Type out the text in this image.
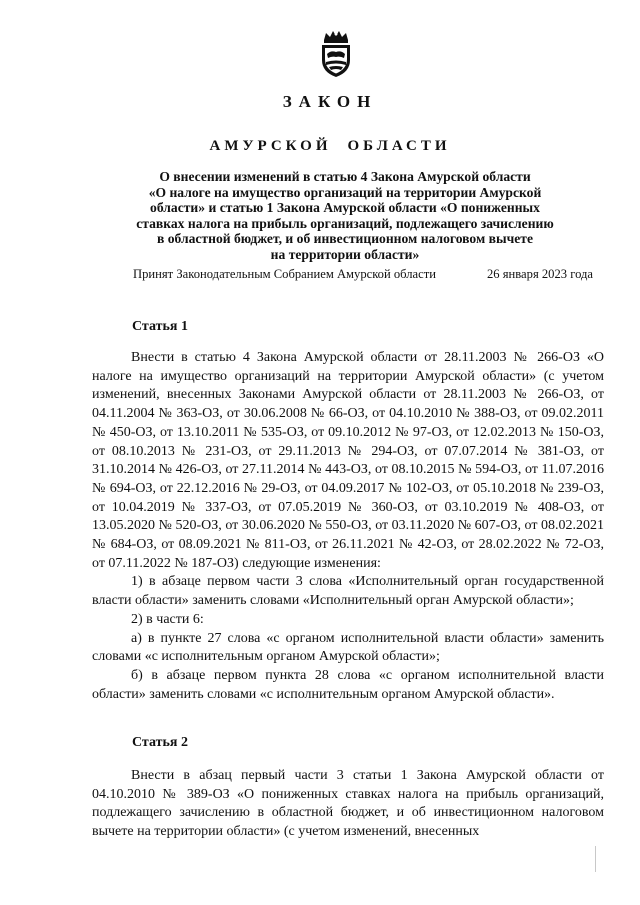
ЗАКОН
АМУРСКОЙ ОБЛАСТИ
О внесении изменений в статью 4 Закона Амурской области
«О налоге на имущество организаций на территории Амурской
области» и статью 1 Закона Амурской области «О пониженных
ставках налога на прибыль организаций, подлежащего зачислению
в областной бюджет, и об инвестиционном налоговом вычете
на территории области»
Принят Законодательным Собранием Амурской области	26 января 2023 года
Статья 1

Внести в статью 4 Закона Амурской области от 28.11.2003 № 266-ОЗ «О налоге на имущество организаций на территории Амурской области» (с учетом изменений, внесенных Законами Амурской области от 28.11.2003 № 266-ОЗ, от 04.11.2004 № 363-ОЗ, от 30.06.2008 № 66-ОЗ, от 04.10.2010 № 388-ОЗ, от 09.02.2011 № 450-ОЗ, от 13.10.2011 № 535-ОЗ, от 09.10.2012 № 97-ОЗ, от 12.02.2013 № 150-ОЗ, от 08.10.2013 № 231-ОЗ, от 29.11.2013 № 294-ОЗ, от 07.07.2014 № 381-ОЗ, от 31.10.2014 № 426-ОЗ, от 27.11.2014 № 443-ОЗ, от 08.10.2015 № 594-ОЗ, от 11.07.2016 № 694-ОЗ, от 22.12.2016 № 29-ОЗ, от 04.09.2017 № 102-ОЗ, от 05.10.2018 № 239-ОЗ, от 10.04.2019 № 337-ОЗ, от 07.05.2019 № 360-ОЗ, от 03.10.2019 № 408-ОЗ, от 13.05.2020 № 520-ОЗ, от 30.06.2020 № 550-ОЗ, от 03.11.2020 № 607-ОЗ, от 08.02.2021 № 684-ОЗ, от 08.09.2021 № 811-ОЗ, от 26.11.2021 № 42-ОЗ, от 28.02.2022 № 72-ОЗ, от 07.11.2022 № 187-ОЗ) следующие изменения:

1) в абзаце первом части 3 слова «Исполнительный орган государственной власти области» заменить словами «Исполнительный орган Амурской области»;

2) в части 6:

а) в пункте 27 слова «с органом исполнительной власти области» заменить словами «с исполнительным органом Амурской области»;

б) в абзаце первом пункта 28 слова «с органом исполнительной власти области» заменить словами «с исполнительным органом Амурской области».

Статья 2

Внести в абзац первый части 3 статьи 1 Закона Амурской области от 04.10.2010 № 389-ОЗ «О пониженных ставках налога на прибыль организаций, подлежащего зачислению в областной бюджет, и об инвестиционном налоговом вычете на территории области» (с учетом изменений, внесенных
